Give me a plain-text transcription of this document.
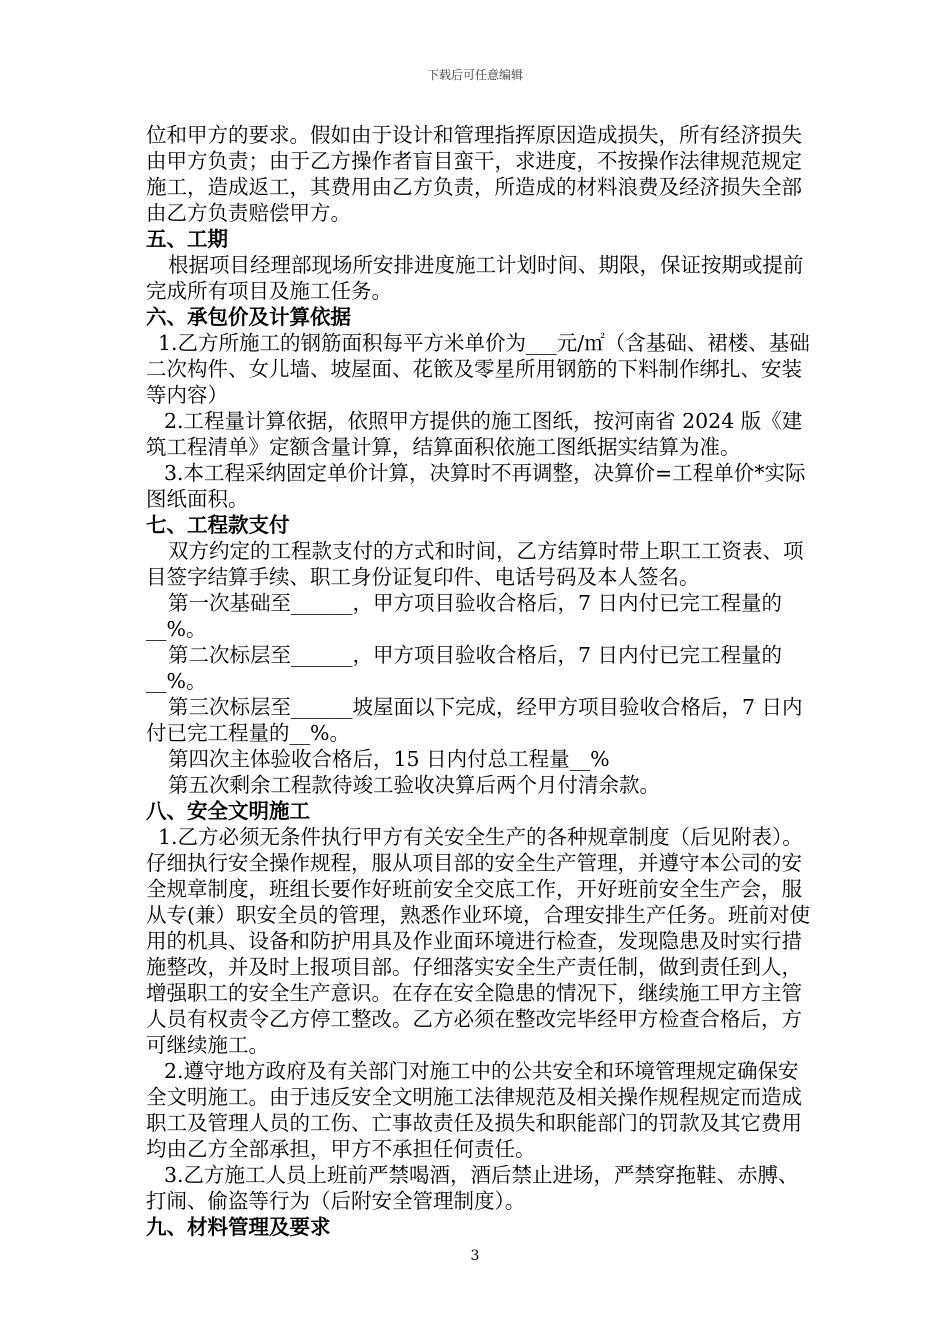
下载后可任意编辑

位和甲方的要求。假如由于设计和管理指挥原因造成损失，所有经济损失由甲方负责；由于乙方操作者盲目蛮干，求进度，不按操作法律规范规定施工，造成返工，其费用由乙方负责，所造成的材料浪费及经济损失全部由乙方负责赔偿甲方。

五、工期

根据项目经理部现场所安排进度施工计划时间、期限，保证按期或提前完成所有项目及施工任务。

六、承包价及计算依据

1.乙方所施工的钢筋面积每平方米单价为___元/㎡（含基础、裙楼、基础二次构件、女儿墙、坡屋面、花篏及零星所用钢筋的下料制作绑扎、安装等内容）

2.工程量计算依据，依照甲方提供的施工图纸，按河南省 2024 版《建筑工程清单》定额含量计算，结算面积依施工图纸据实结算为准。

3.本工程采纳固定单价计算，决算时不再调整，决算价=工程单价*实际图纸面积。

七、工程款支付

双方约定的工程款支付的方式和时间，乙方结算时带上职工工资表、项目签字结算手续、职工身份证复印件、电话号码及本人签名。

第一次基础至______，甲方项目验收合格后，7 日内付已完工程量的__%。

第二次标层至______，甲方项目验收合格后，7 日内付已完工程量的__%。

第三次标层至______坡屋面以下完成，经甲方项目验收合格后，7 日内付已完工程量的__%。

第四次主体验收合格后，15 日内付总工程量__%

第五次剩余工程款待竣工验收决算后两个月付清余款。

八、安全文明施工

1.乙方必须无条件执行甲方有关安全生产的各种规章制度（后见附表）。仔细执行安全操作规程，服从项目部的安全生产管理，并遵守本公司的安全规章制度，班组长要作好班前安全交底工作，开好班前安全生产会，服从专(兼）职安全员的管理，熟悉作业环境，合理安排生产任务。班前对使用的机具、设备和防护用具及作业面环境进行检查，发现隐患及时实行措施整改，并及时上报项目部。仔细落实安全生产责任制，做到责任到人，增强职工的安全生产意识。在存在安全隐患的情况下，继续施工甲方主管人员有权责令乙方停工整改。乙方必须在整改完毕经甲方检查合格后，方可继续施工。

2.遵守地方政府及有关部门对施工中的公共安全和环境管理规定确保安全文明施工。由于违反安全文明施工法律规范及相关操作规程规定而造成职工及管理人员的工伤、亡事故责任及损失和职能部门的罚款及其它费用均由乙方全部承担，甲方不承担任何责任。

3.乙方施工人员上班前严禁喝酒，酒后禁止进场，严禁穿拖鞋、赤膊、打闹、偷盗等行为（后附安全管理制度）。

九、材料管理及要求
3
